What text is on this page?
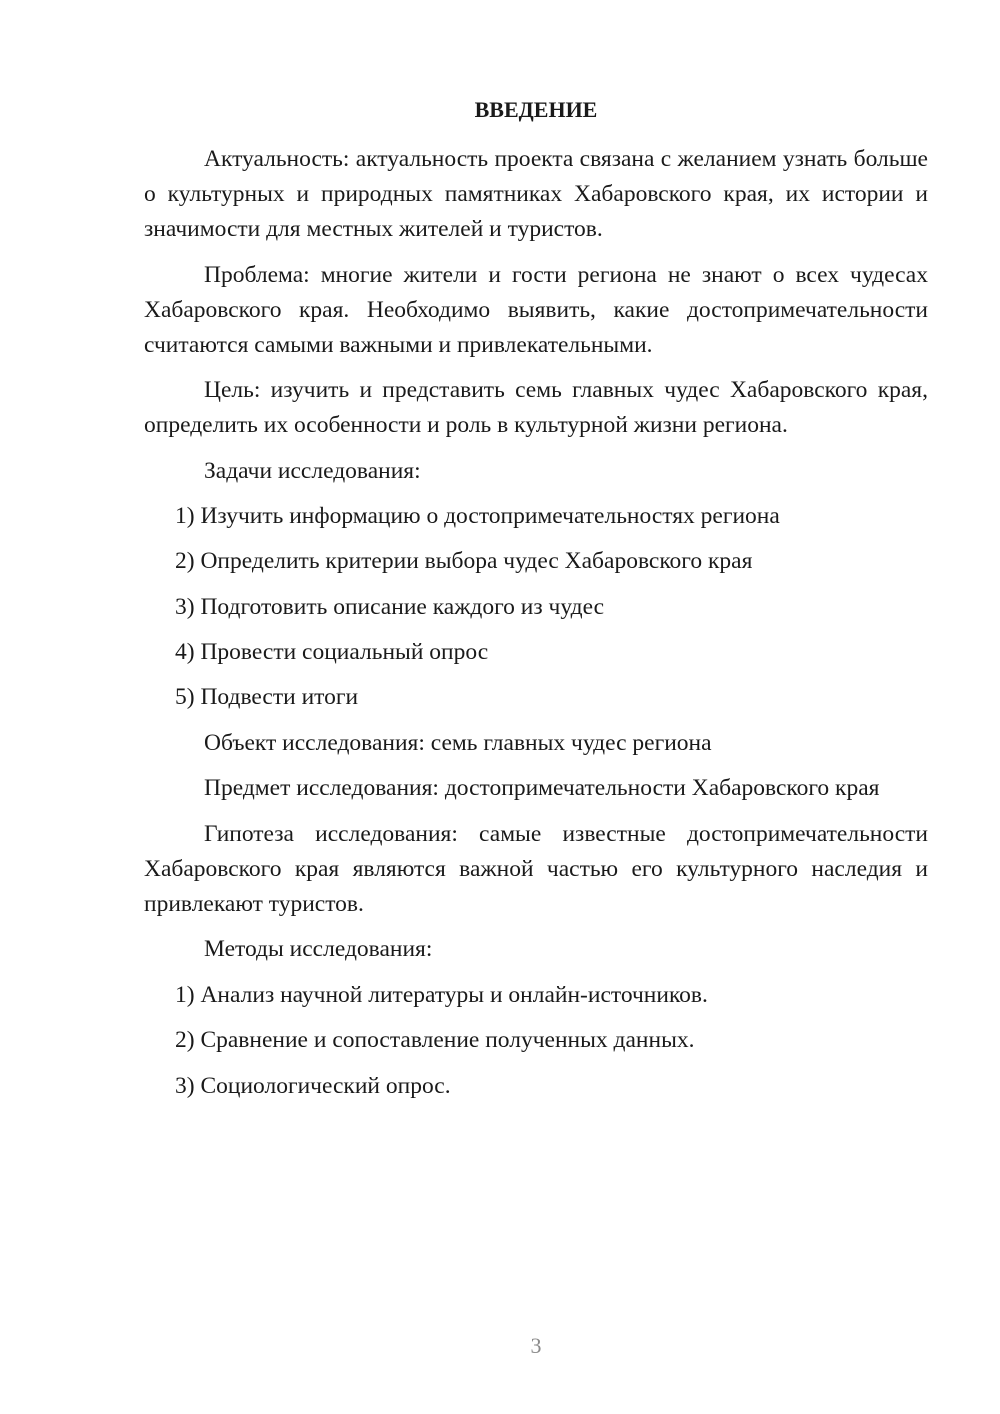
ВВЕДЕНИЕ

Актуальность: актуальность проекта связана с желанием узнать больше о культурных и природных памятниках Хабаровского края, их истории и значимости для местных жителей и туристов.

Проблема: многие жители и гости региона не знают о всех чудесах Хабаровского края. Необходимо выявить, какие достопримечательности считаются самыми важными и привлекательными.

Цель: изучить и представить семь главных чудес Хабаровского края, определить их особенности и роль в культурной жизни региона.

Задачи исследования:

1) Изучить информацию о достопримечательностях региона

2) Определить критерии выбора чудес Хабаровского края

3) Подготовить описание каждого из чудес

4) Провести социальный опрос

5) Подвести итоги

Объект исследования: семь главных чудес региона

Предмет исследования: достопримечательности Хабаровского края

Гипотеза исследования: самые известные достопримечательности Хабаровского края являются важной частью его культурного наследия и привлекают туристов.

Методы исследования:

1) Анализ научной литературы и онлайн-источников.

2) Сравнение и сопоставление полученных данных.

3) Социологический опрос.

3
